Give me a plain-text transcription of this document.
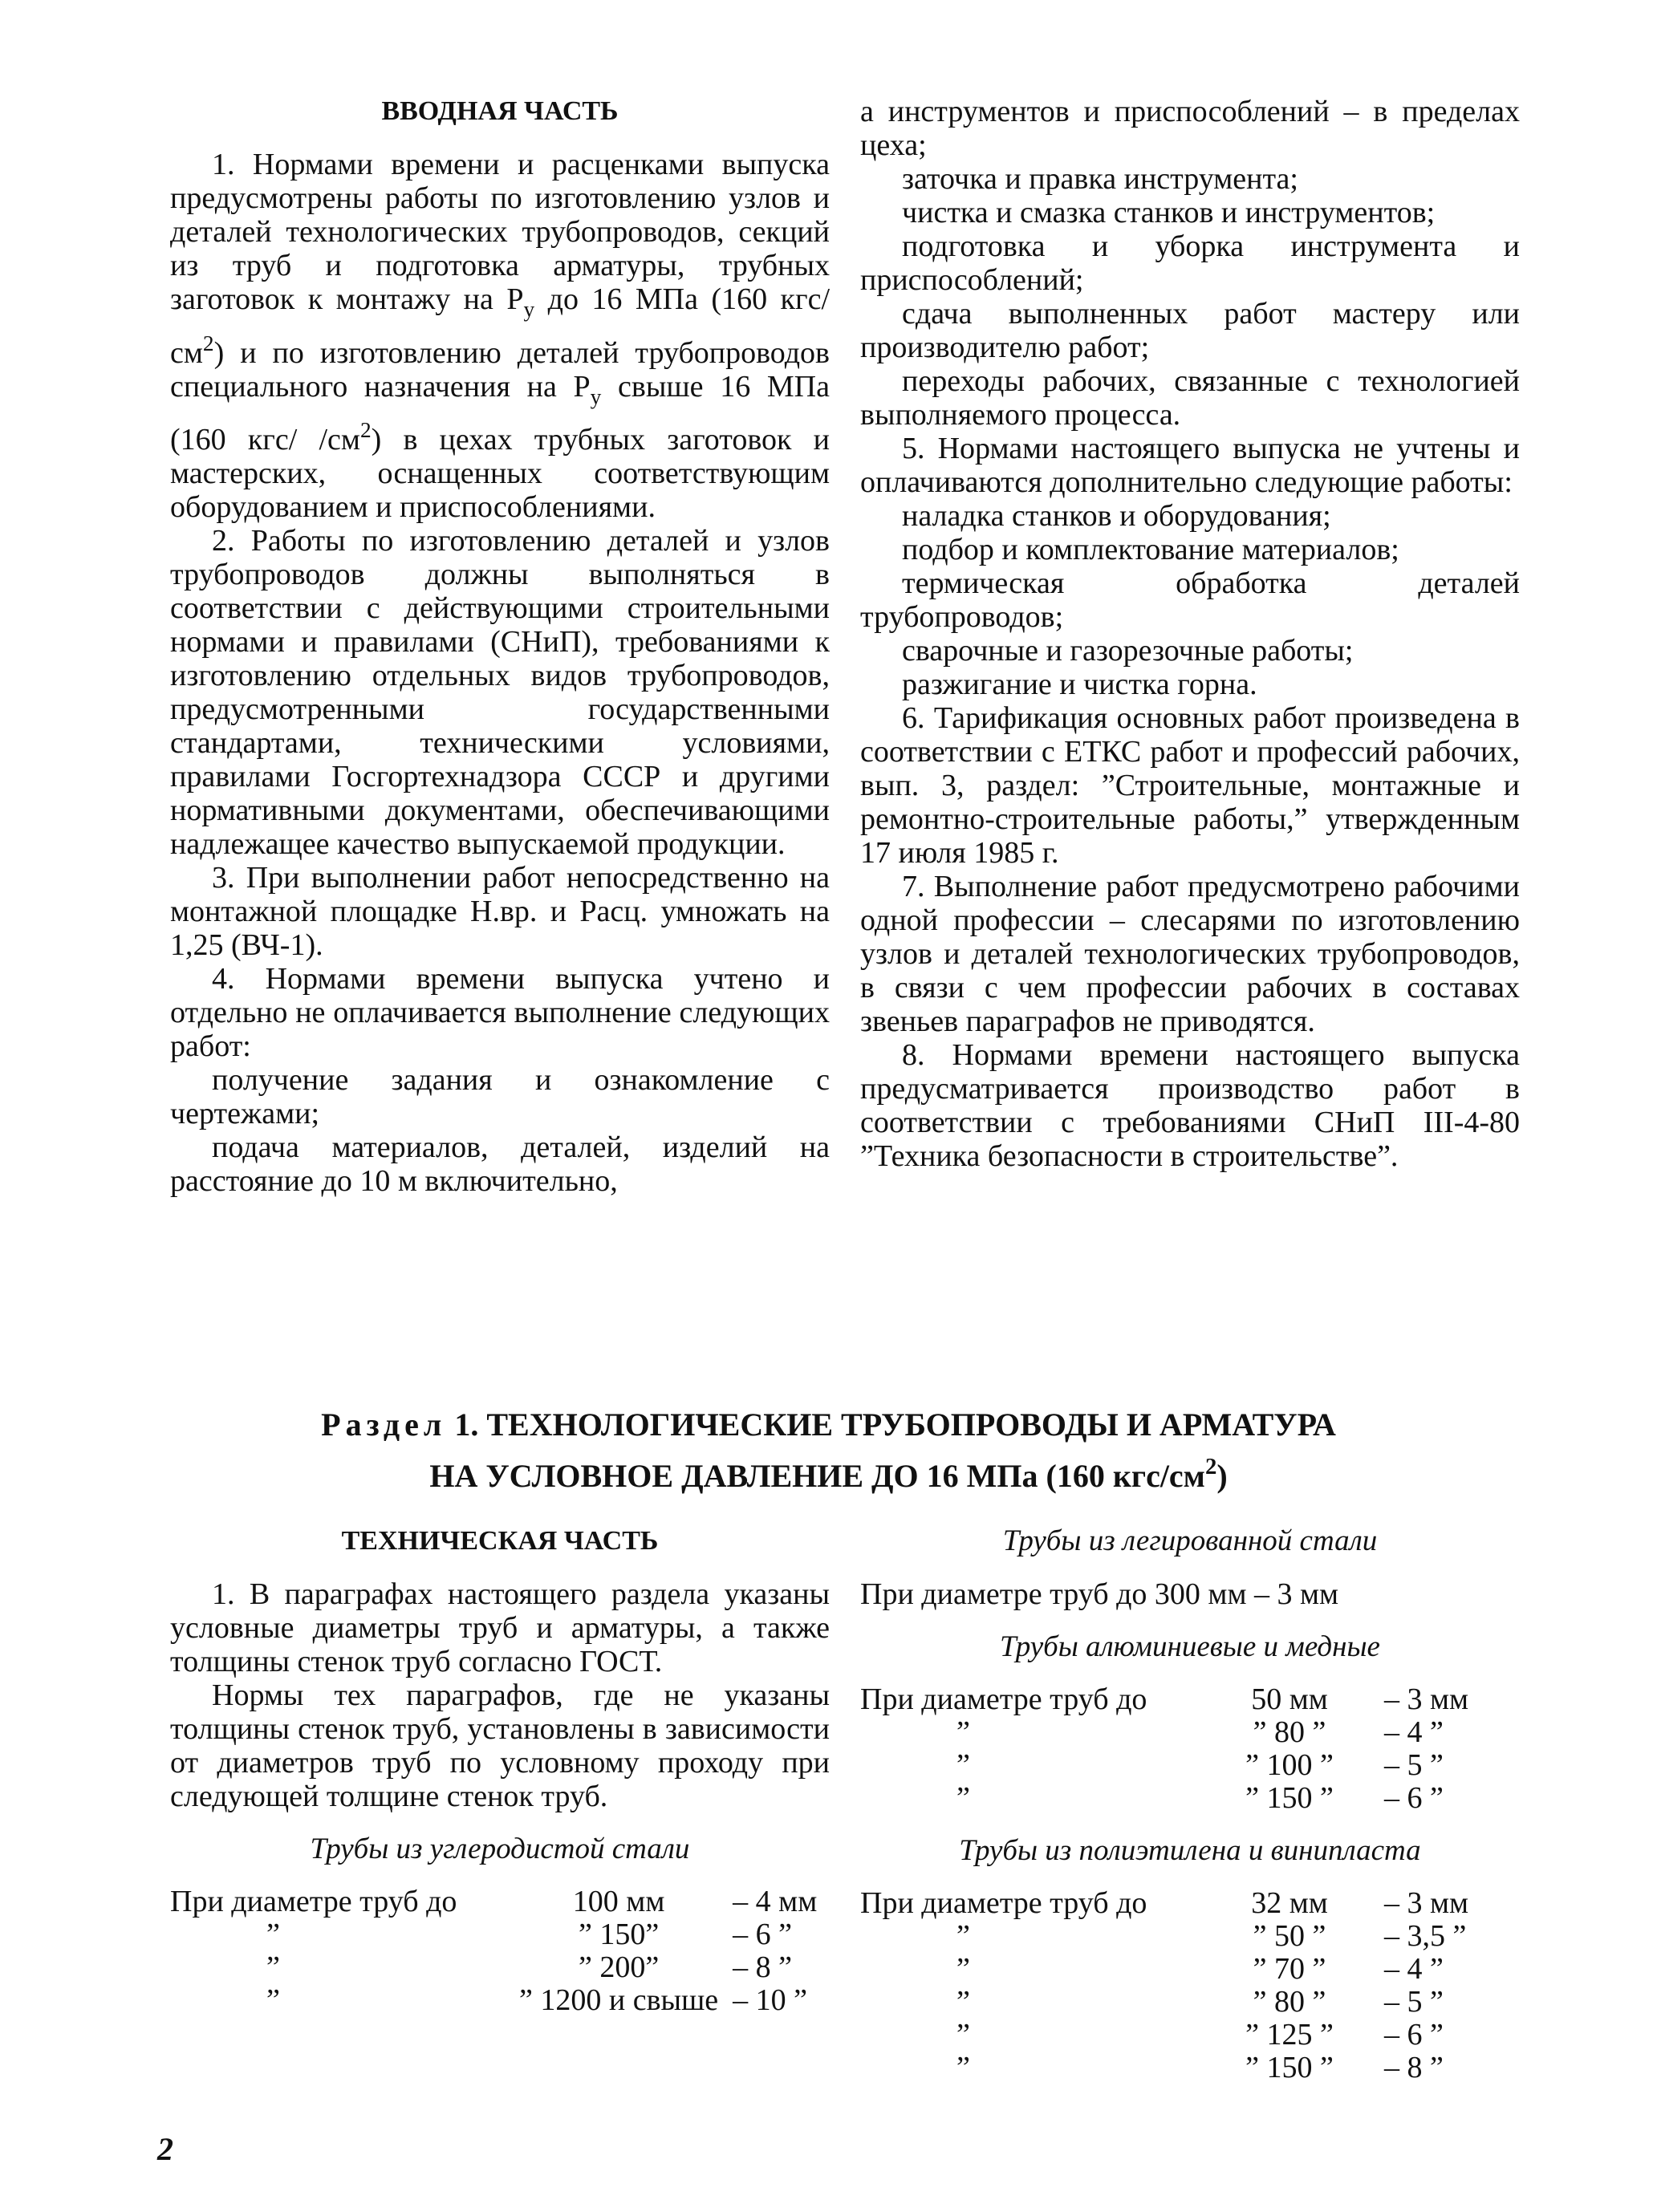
ВВОДНАЯ ЧАСТЬ

1. Нормами времени и расценками выпуска предусмотрены работы по изготовлению узлов и деталей технологических трубопроводов, секций из труб и подготовка арматуры, трубных заготовок к монтажу на $P_у$ до 16 МПа (160 кгс/$см^2$) и по изготовлению деталей трубопроводов специального назначения на $P_у$ свыше 16 МПа (160 кгс/ $/см^2$) в цехах трубных заготовок и мастерских, оснащенных соответствующим оборудованием и приспособлениями.

2. Работы по изготовлению деталей и узлов трубопроводов должны выполняться в соответствии с действующими строительными нормами и правилами (СНиП), требованиями к изготовлению отдельных видов трубопроводов, предусмотренными государственными стандартами, техническими условиями, правилами Госгортехнадзора СССР и другими нормативными документами, обеспечивающими надлежащее качество выпускаемой продукции.

3. При выполнении работ непосредственно на монтажной площадке Н.вр. и Расц. умножать на 1,25 (ВЧ-1).

4. Нормами времени выпуска учтено и отдельно не оплачивается выполнение следующих работ:

получение задания и ознакомление с чертежами;

подача материалов, деталей, изделий на расстояние до 10 м включительно,

а инструментов и приспособлений – в пределах цеха;

заточка и правка инструмента;

чистка и смазка станков и инструментов;

подготовка и уборка инструмента и приспособлений;

сдача выполненных работ мастеру или производителю работ;

переходы рабочих, связанные с технологией выполняемого процесса.

5. Нормами настоящего выпуска не учтены и оплачиваются дополнительно следующие работы:

наладка станков и оборудования;

подбор и комплектование материалов;

термическая обработка деталей трубопроводов;

сварочные и газорезочные работы;

разжигание и чистка горна.

6. Тарификация основных работ произведена в соответствии с ЕТКС работ и профессий рабочих, вып. 3, раздел: ”Строительные, монтажные и ремонтно-строительные работы,” утвержденным 17 июля 1985 г.

7. Выполнение работ предусмотрено рабочими одной профессии – слесарями по изготовлению узлов и деталей технологических трубопроводов, в связи с чем профессии рабочих в составах звеньев параграфов не приводятся.

8. Нормами времени настоящего выпуска предусматривается производство работ в соответствии с требованиями СНиП III-4-80 ”Техника безопасности в строительстве”.

Раздел 1. ТЕХНОЛОГИЧЕСКИЕ ТРУБОПРОВОДЫ И АРМАТУРА
НА УСЛОВНОЕ ДАВЛЕНИЕ ДО 16 МПа (160 кгс/$см^2$)

ТЕХНИЧЕСКАЯ ЧАСТЬ

1. В параграфах настоящего раздела указаны условные диаметры труб и арматуры, а также толщины стенок труб согласно ГОСТ.

Нормы тех параграфов, где не указаны толщины стенок труб, установлены в зависимости от диаметров труб по условному проходу при следующей толщине стенок труб.

Трубы из углеродистой стали

При диаметре труб до	100 мм	– 4 мм
”	” 150”	– 6 ”
”	” 200”	– 8 ”
”	” 1200 и свыше	– 10 ”

Трубы из легированной стали

При диаметре труб до 300 мм – 3 мм

Трубы алюминиевые и медные

При диаметре труб до	50 мм	– 3 мм
”	” 80 ”	– 4 ”
”	” 100 ”	– 5 ”
”	” 150 ”	– 6 ”

Трубы из полиэтилена и винипласта

При диаметре труб до	32 мм	– 3 мм
”	” 50 ”	– 3,5 ”
”	” 70 ”	– 4 ”
”	” 80 ”	– 5 ”
”	” 125 ”	– 6 ”
”	” 150 ”	– 8 ”
2
